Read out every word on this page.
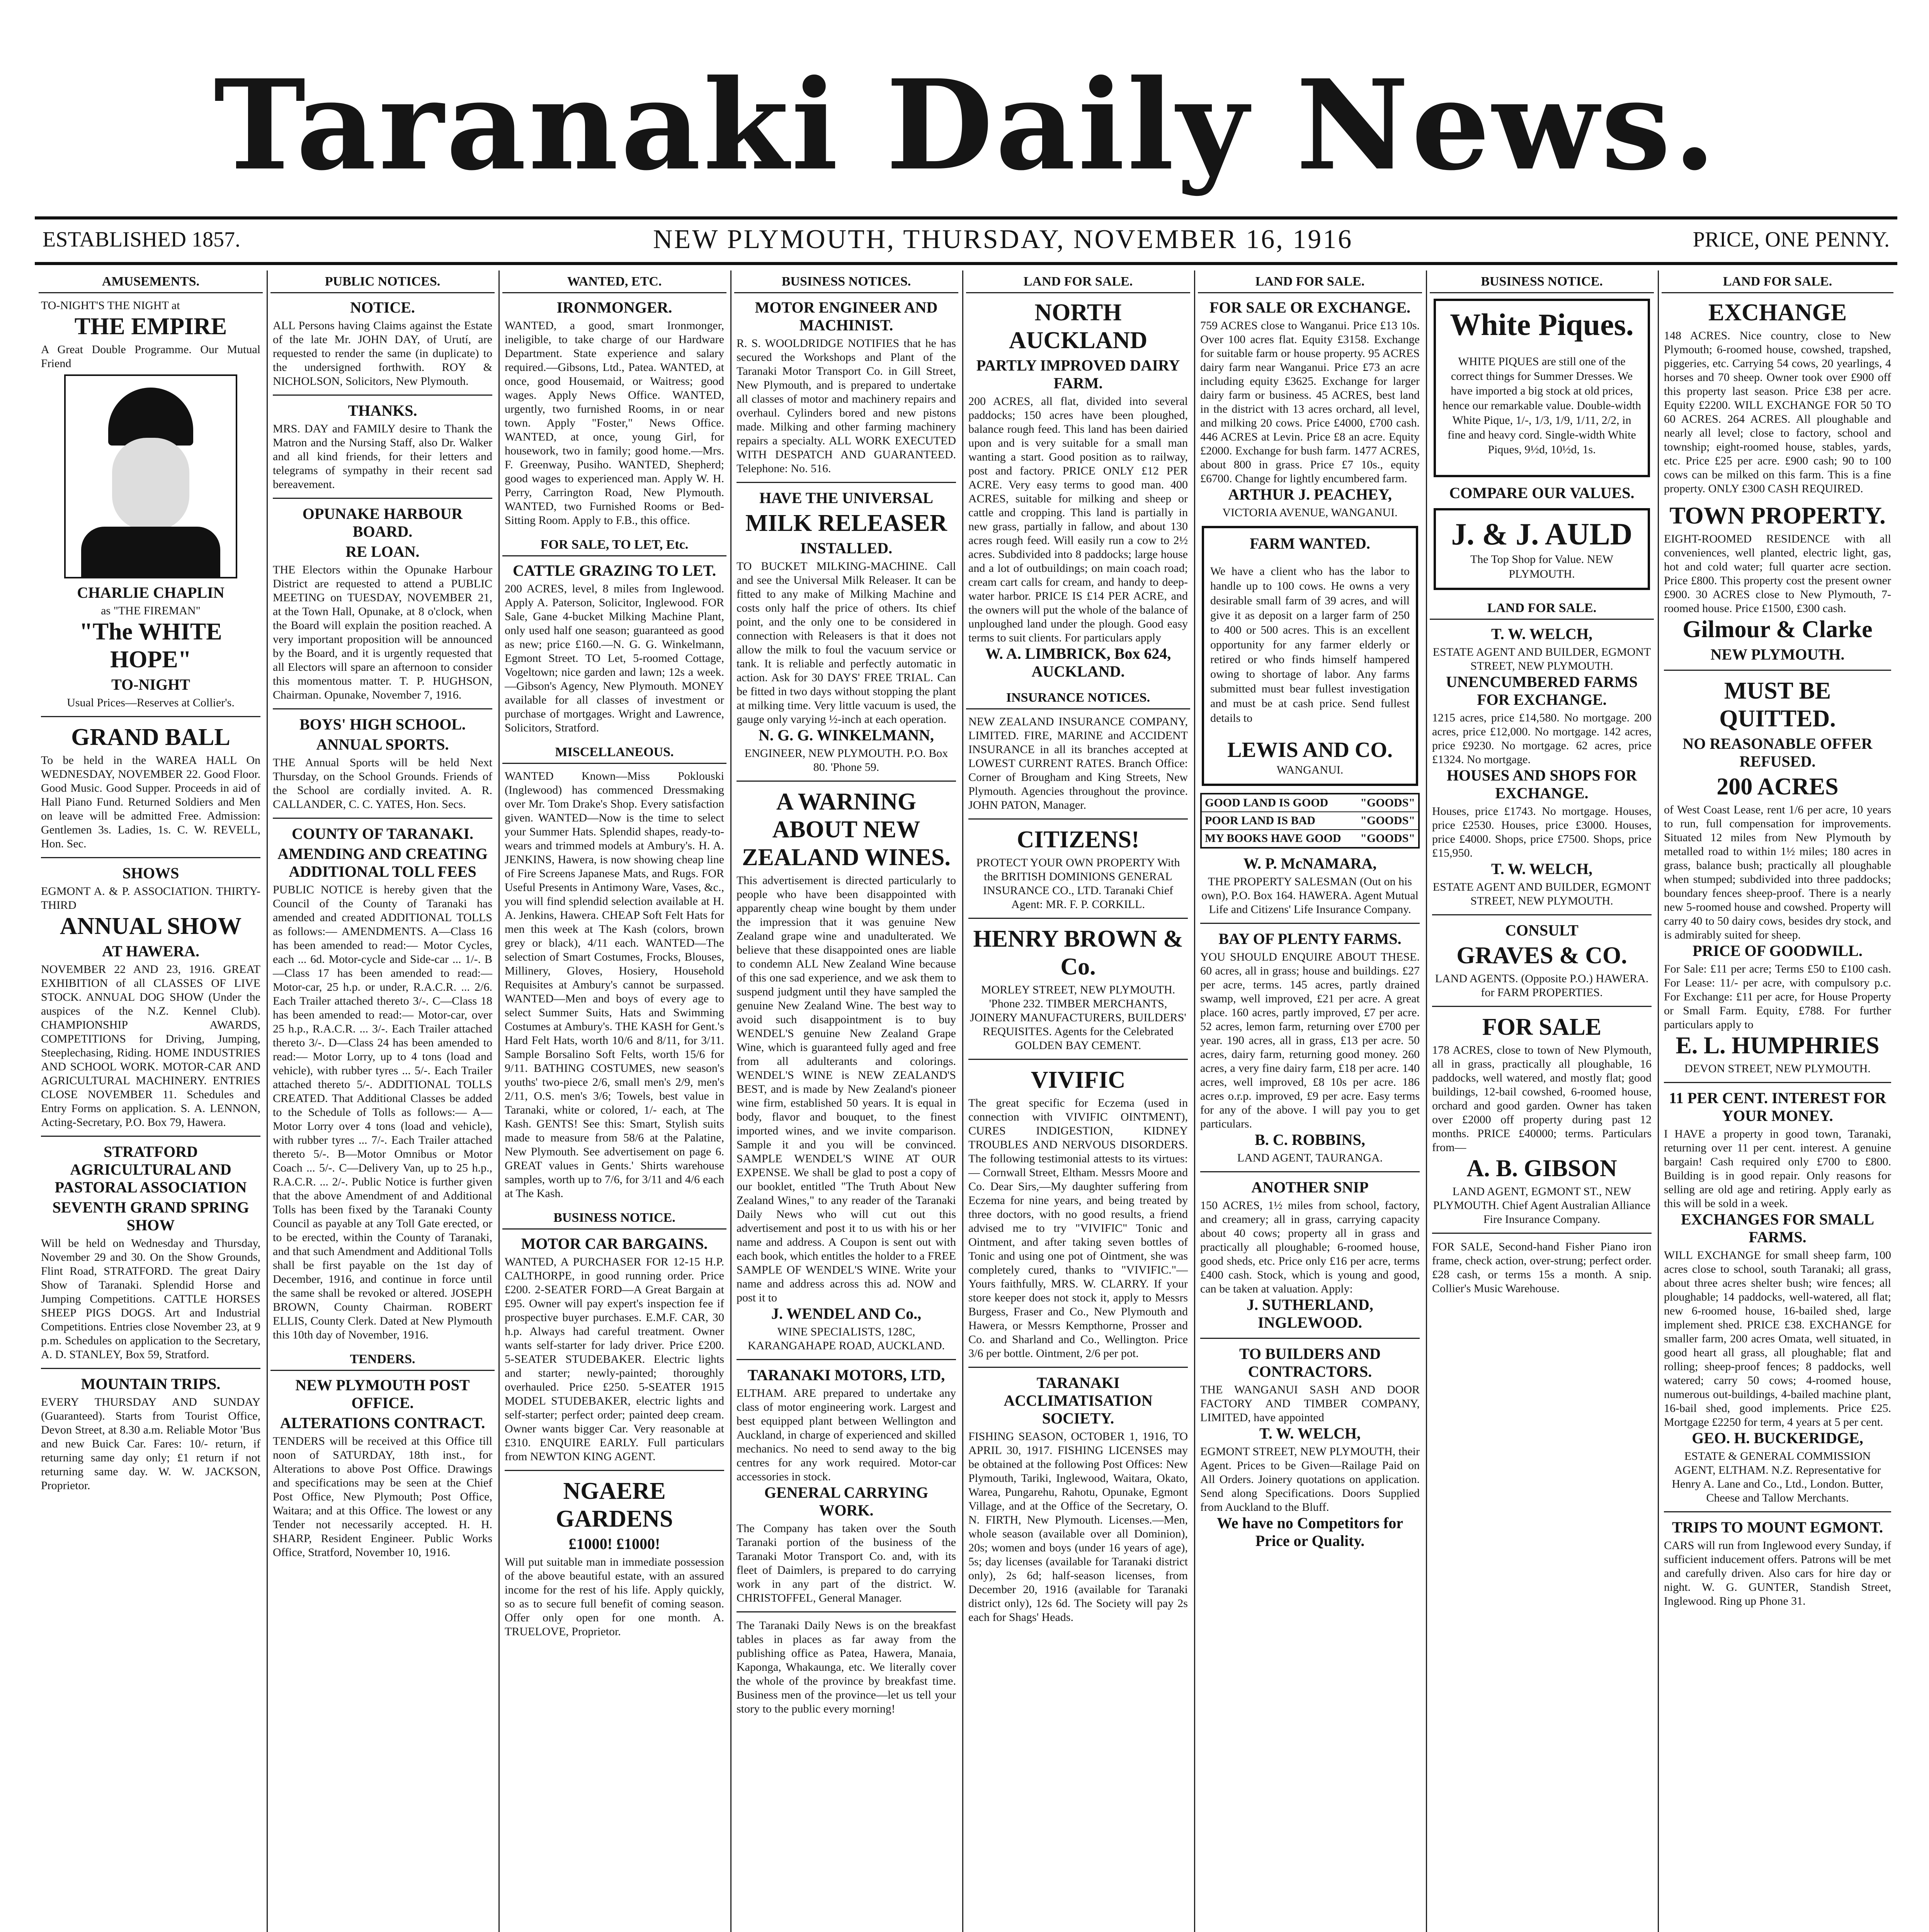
Taranaki Daily News.
ESTABLISHED 1857.	NEW PLYMOUTH, THURSDAY, NOVEMBER 16, 1916	PRICE, ONE PENNY.
AMUSEMENTS.

TO-NIGHT'S THE NIGHT at

THE EMPIRE

A Great Double Programme. Our Mutual Friend

CHARLIE CHAPLIN

as "THE FIREMAN"

"The WHITE HOPE"
TO-NIGHT

Usual Prices—Reserves at Collier's.

GRAND BALL

To be held in the WAREA HALL On WEDNESDAY, NOVEMBER 22. Good Floor. Good Music. Good Supper. Proceeds in aid of Hall Piano Fund. Returned Soldiers and Men on leave will be admitted Free. Admission: Gentlemen 3s. Ladies, 1s. C. W. REVELL, Hon. Sec.

SHOWS

EGMONT A. & P. ASSOCIATION. THIRTY-THIRD

ANNUAL SHOW
AT HAWERA.

NOVEMBER 22 AND 23, 1916. GREAT EXHIBITION of all CLASSES OF LIVE STOCK. ANNUAL DOG SHOW (Under the auspices of the N.Z. Kennel Club). CHAMPIONSHIP AWARDS, COMPETITIONS for Driving, Jumping, Steeplechasing, Riding. HOME INDUSTRIES AND SCHOOL WORK. MOTOR-CAR AND AGRICULTURAL MACHINERY. ENTRIES CLOSE NOVEMBER 11. Schedules and Entry Forms on application. S. A. LENNON, Acting-Secretary, P.O. Box 79, Hawera.

STRATFORD AGRICULTURAL AND PASTORAL ASSOCIATION
SEVENTH GRAND SPRING SHOW

Will be held on Wednesday and Thursday, November 29 and 30. On the Show Grounds, Flint Road, STRATFORD. The great Dairy Show of Taranaki. Splendid Horse and Jumping Competitions. CATTLE HORSES SHEEP PIGS DOGS. Art and Industrial Competitions. Entries close November 23, at 9 p.m. Schedules on application to the Secretary, A. D. STANLEY, Box 59, Stratford.

MOUNTAIN TRIPS.

EVERY THURSDAY AND SUNDAY (Guaranteed). Starts from Tourist Office, Devon Street, at 8.30 a.m. Reliable Motor 'Bus and new Buick Car. Fares: 10/- return, if returning same day only; £1 return if not returning same day. W. W. JACKSON, Proprietor.

PUBLIC NOTICES.
NOTICE.

ALL Persons having Claims against the Estate of the late Mr. JOHN DAY, of Urutí, are requested to render the same (in duplicate) to the undersigned forthwith. ROY & NICHOLSON, Solicitors, New Plymouth.

THANKS.

MRS. DAY and FAMILY desire to Thank the Matron and the Nursing Staff, also Dr. Walker and all kind friends, for their letters and telegrams of sympathy in their recent sad bereavement.

OPUNAKE HARBOUR BOARD.
RE LOAN.

THE Electors within the Opunake Harbour District are requested to attend a PUBLIC MEETING on TUESDAY, NOVEMBER 21, at the Town Hall, Opunake, at 8 o'clock, when the Board will explain the position reached. A very important proposition will be announced by the Board, and it is urgently requested that all Electors will spare an afternoon to consider this momentous matter. T. P. HUGHSON, Chairman. Opunake, November 7, 1916.

BOYS' HIGH SCHOOL.
ANNUAL SPORTS.

THE Annual Sports will be held Next Thursday, on the School Grounds. Friends of the School are cordially invited. A. R. CALLANDER, C. C. YATES, Hon. Secs.

COUNTY OF TARANAKI.
AMENDING AND CREATING ADDITIONAL TOLL FEES

PUBLIC NOTICE is hereby given that the Council of the County of Taranaki has amended and created ADDITIONAL TOLLS as follows:— AMENDMENTS. A—Class 16 has been amended to read:— Motor Cycles, each ... 6d. Motor-cycle and Side-car ... 1/-. B—Class 17 has been amended to read:— Motor-car, 25 h.p. or under, R.A.C.R. ... 2/6. Each Trailer attached thereto 3/-. C—Class 18 has been amended to read:— Motor-car, over 25 h.p., R.A.C.R. ... 3/-. Each Trailer attached thereto 3/-. D—Class 24 has been amended to read:— Motor Lorry, up to 4 tons (load and vehicle), with rubber tyres ... 5/-. Each Trailer attached thereto 5/-. ADDITIONAL TOLLS CREATED. That Additional Classes be added to the Schedule of Tolls as follows:— A—Motor Lorry over 4 tons (load and vehicle), with rubber tyres ... 7/-. Each Trailer attached thereto 5/-. B—Motor Omnibus or Motor Coach ... 5/-. C—Delivery Van, up to 25 h.p., R.A.C.R. ... 2/-. Public Notice is further given that the above Amendment of and Additional Tolls has been fixed by the Taranaki County Council as payable at any Toll Gate erected, or to be erected, within the County of Taranaki, and that such Amendment and Additional Tolls shall be first payable on the 1st day of December, 1916, and continue in force until the same shall be revoked or altered. JOSEPH BROWN, County Chairman. ROBERT ELLIS, County Clerk. Dated at New Plymouth this 10th day of November, 1916.

TENDERS.
NEW PLYMOUTH POST OFFICE.
ALTERATIONS CONTRACT.

TENDERS will be received at this Office till noon of SATURDAY, 18th inst., for Alterations to above Post Office. Drawings and specifications may be seen at the Chief Post Office, New Plymouth; Post Office, Waitara; and at this Office. The lowest or any Tender not necessarily accepted. H. H. SHARP, Resident Engineer. Public Works Office, Stratford, November 10, 1916.

WANTED, ETC.
IRONMONGER.

WANTED, a good, smart Ironmonger, ineligible, to take charge of our Hardware Department. State experience and salary required.—Gibsons, Ltd., Patea. WANTED, at once, good Housemaid, or Waitress; good wages. Apply News Office. WANTED, urgently, two furnished Rooms, in or near town. Apply "Foster," News Office. WANTED, at once, young Girl, for housework, two in family; good home.—Mrs. F. Greenway, Pusiho. WANTED, Shepherd; good wages to experienced man. Apply W. H. Perry, Carrington Road, New Plymouth. WANTED, two Furnished Rooms or Bed-Sitting Room. Apply to F.B., this office.

FOR SALE, TO LET, Etc.
CATTLE GRAZING TO LET.

200 ACRES, level, 8 miles from Inglewood. Apply A. Paterson, Solicitor, Inglewood. FOR Sale, Gane 4-bucket Milking Machine Plant, only used half one season; guaranteed as good as new; price £160.—N. G. G. Winkelmann, Egmont Street. TO Let, 5-roomed Cottage, Vogeltown; nice garden and lawn; 12s a week.—Gibson's Agency, New Plymouth. MONEY available for all classes of investment or purchase of mortgages. Wright and Lawrence, Solicitors, Stratford.

MISCELLANEOUS.

WANTED Known—Miss Poklouski (Inglewood) has commenced Dressmaking over Mr. Tom Drake's Shop. Every satisfaction given. WANTED—Now is the time to select your Summer Hats. Splendid shapes, ready-to-wears and trimmed models at Ambury's. H. A. JENKINS, Hawera, is now showing cheap line of Fire Screens Japanese Mats, and Rugs. FOR Useful Presents in Antimony Ware, Vases, &c., you will find splendid selection available at H. A. Jenkins, Hawera. CHEAP Soft Felt Hats for men this week at The Kash (colors, brown grey or black), 4/11 each. WANTED—The selection of Smart Costumes, Frocks, Blouses, Millinery, Gloves, Hosiery, Household Requisites at Ambury's cannot be surpassed. WANTED—Men and boys of every age to select Summer Suits, Hats and Swimming Costumes at Ambury's. THE KASH for Gent.'s Hard Felt Hats, worth 10/6 and 8/11, for 3/11. Sample Borsalino Soft Felts, worth 15/6 for 9/11. BATHING COSTUMES, new season's youths' two-piece 2/6, small men's 2/9, men's 2/11, O.S. men's 3/6; Towels, best value in Taranaki, white or colored, 1/- each, at The Kash. GENTS! See this: Smart, Stylish suits made to measure from 58/6 at the Palatine, New Plymouth. See advertisement on page 6. GREAT values in Gents.' Shirts warehouse samples, worth up to 7/6, for 3/11 and 4/6 each at The Kash.

BUSINESS NOTICE.
MOTOR CAR BARGAINS.

WANTED, A PURCHASER FOR 12-15 H.P. CALTHORPE, in good running order. Price £200. 2-SEATER FORD—A Great Bargain at £95. Owner will pay expert's inspection fee if prospective buyer purchases. E.M.F. CAR, 30 h.p. Always had careful treatment. Owner wants self-starter for lady driver. Price £200. 5-SEATER STUDEBAKER. Electric lights and starter; newly-painted; thoroughly overhauled. Price £250. 5-SEATER 1915 MODEL STUDEBAKER, electric lights and self-starter; perfect order; painted deep cream. Owner wants bigger Car. Very reasonable at £310. ENQUIRE EARLY. Full particulars from NEWTON KING AGENT.

NGAERE GARDENS
£1000! £1000!

Will put suitable man in immediate possession of the above beautiful estate, with an assured income for the rest of his life. Apply quickly, so as to secure full benefit of coming season. Offer only open for one month. A. TRUELOVE, Proprietor.

BUSINESS NOTICES.
MOTOR ENGINEER AND MACHINIST.

R. S. WOOLDRIDGE NOTIFIES that he has secured the Workshops and Plant of the Taranaki Motor Transport Co. in Gill Street, New Plymouth, and is prepared to undertake all classes of motor and machinery repairs and overhaul. Cylinders bored and new pistons made. Milking and other farming machinery repairs a specialty. ALL WORK EXECUTED WITH DESPATCH AND GUARANTEED. Telephone: No. 516.

HAVE THE UNIVERSAL
MILK RELEASER
INSTALLED.

TO BUCKET MILKING-MACHINE. Call and see the Universal Milk Releaser. It can be fitted to any make of Milking Machine and costs only half the price of others. Its chief point, and the only one to be considered in connection with Releasers is that it does not allow the milk to foul the vacuum service or tank. It is reliable and perfectly automatic in action. Ask for 30 DAYS' FREE TRIAL. Can be fitted in two days without stopping the plant at milking time. Very little vacuum is used, the gauge only varying ½-inch at each operation.

N. G. G. WINKELMANN,

ENGINEER, NEW PLYMOUTH. P.O. Box 80. 'Phone 59.

A WARNING ABOUT NEW ZEALAND WINES.

This advertisement is directed particularly to people who have been disappointed with apparently cheap wine bought by them under the impression that it was genuine New Zealand grape wine and unadulterated. We believe that these disappointed ones are liable to condemn ALL New Zealand Wine because of this one sad experience, and we ask them to suspend judgment until they have sampled the genuine New Zealand Wine. The best way to avoid such disappointment is to buy WENDEL'S genuine New Zealand Grape Wine, which is guaranteed fully aged and free from all adulterants and colorings. WENDEL'S WINE is NEW ZEALAND'S BEST, and is made by New Zealand's pioneer wine firm, established 50 years. It is equal in body, flavor and bouquet, to the finest imported wines, and we invite comparison. Sample it and you will be convinced. SAMPLE WENDEL'S WINE AT OUR EXPENSE. We shall be glad to post a copy of our booklet, entitled "The Truth About New Zealand Wines," to any reader of the Taranaki Daily News who will cut out this advertisement and post it to us with his or her name and address. A Coupon is sent out with each book, which entitles the holder to a FREE SAMPLE OF WENDEL'S WINE. Write your name and address across this ad. NOW and post it to

J. WENDEL AND Co.,

WINE SPECIALISTS, 128C, KARANGAHAPE ROAD, AUCKLAND.

TARANAKI MOTORS, LTD,

ELTHAM. ARE prepared to undertake any class of motor engineering work. Largest and best equipped plant between Wellington and Auckland, in charge of experienced and skilled mechanics. No need to send away to the big centres for any work required. Motor-car accessories in stock.

GENERAL CARRYING WORK.

The Company has taken over the South Taranaki portion of the business of the Taranaki Motor Transport Co. and, with its fleet of Daimlers, is prepared to do carrying work in any part of the district. W. CHRISTOFFEL, General Manager.

The Taranaki Daily News is on the breakfast tables in places as far away from the publishing office as Patea, Hawera, Manaia, Kaponga, Whakaunga, etc. We literally cover the whole of the province by breakfast time. Business men of the province—let us tell your story to the public every morning!

LAND FOR SALE.
NORTH AUCKLAND
PARTLY IMPROVED DAIRY FARM.

200 ACRES, all flat, divided into several paddocks; 150 acres have been ploughed, balance rough feed. This land has been dairied upon and is very suitable for a small man wanting a start. Good position as to railway, post and factory. PRICE ONLY £12 PER ACRE. Very easy terms to good man. 400 ACRES, suitable for milking and sheep or cattle and cropping. This land is partially in new grass, partially in fallow, and about 130 acres rough feed. Will easily run a cow to 2½ acres. Subdivided into 8 paddocks; large house and a lot of outbuildings; on main coach road; cream cart calls for cream, and handy to deep-water harbor. PRICE IS £14 PER ACRE, and the owners will put the whole of the balance of unploughed land under the plough. Good easy terms to suit clients. For particulars apply

W. A. LIMBRICK, Box 624, AUCKLAND.
INSURANCE NOTICES.

NEW ZEALAND INSURANCE COMPANY, LIMITED. FIRE, MARINE and ACCIDENT INSURANCE in all its branches accepted at LOWEST CURRENT RATES. Branch Office: Corner of Brougham and King Streets, New Plymouth. Agencies throughout the province. JOHN PATON, Manager.

CITIZENS!

PROTECT YOUR OWN PROPERTY With the BRITISH DOMINIONS GENERAL INSURANCE CO., LTD. Taranaki Chief Agent: MR. F. P. CORKILL.

HENRY BROWN & Co.

MORLEY STREET, NEW PLYMOUTH. 'Phone 232. TIMBER MERCHANTS, JOINERY MANUFACTURERS, BUILDERS' REQUISITES. Agents for the Celebrated GOLDEN BAY CEMENT.

VIVIFIC

The great specific for Eczema (used in connection with VIVIFIC OINTMENT), CURES INDIGESTION, KIDNEY TROUBLES AND NERVOUS DISORDERS. The following testimonial attests to its virtues:— Cornwall Street, Eltham. Messrs Moore and Co. Dear Sirs,—My daughter suffering from Eczema for nine years, and being treated by three doctors, with no good results, a friend advised me to try "VIVIFIC" Tonic and Ointment, and after taking seven bottles of Tonic and using one pot of Ointment, she was completely cured, thanks to "VIVIFIC."—Yours faithfully, MRS. W. CLARRY. If your store keeper does not stock it, apply to Messrs Burgess, Fraser and Co., New Plymouth and Hawera, or Messrs Kempthorne, Prosser and Co. and Sharland and Co., Wellington. Price 3/6 per bottle. Ointment, 2/6 per pot.

TARANAKI ACCLIMATISATION SOCIETY.

FISHING SEASON, OCTOBER 1, 1916, TO APRIL 30, 1917. FISHING LICENSES may be obtained at the following Post Offices: New Plymouth, Tariki, Inglewood, Waitara, Okato, Warea, Pungarehu, Rahotu, Opunake, Egmont Village, and at the Office of the Secretary, O. N. FIRTH, New Plymouth. Licenses.—Men, whole season (available over all Dominion), 20s; women and boys (under 16 years of age), 5s; day licenses (available for Taranaki district only), 2s 6d; half-season licenses, from December 20, 1916 (available for Taranaki district only), 12s 6d. The Society will pay 2s each for Shags' Heads.

LAND FOR SALE.
FOR SALE OR EXCHANGE.

759 ACRES close to Wanganui. Price £13 10s. Over 100 acres flat. Equity £3158. Exchange for suitable farm or house property. 95 ACRES dairy farm near Wanganui. Price £73 an acre including equity £3625. Exchange for larger dairy farm or business. 45 ACRES, best land in the district with 13 acres orchard, all level, and milking 20 cows. Price £4000, £700 cash. 446 ACRES at Levin. Price £8 an acre. Equity £2000. Exchange for bush farm. 1477 ACRES, about 800 in grass. Price £7 10s., equity £6700. Change for lightly encumbered farm.

ARTHUR J. PEACHEY,

VICTORIA AVENUE, WANGANUI.

FARM WANTED.

We have a client who has the labor to handle up to 100 cows. He owns a very desirable small farm of 39 acres, and will give it as deposit on a larger farm of 250 to 400 or 500 acres. This is an excellent opportunity for any farmer elderly or retired or who finds himself hampered owing to shortage of labor. Any farms submitted must bear fullest investigation and must be at cash price. Send fullest details to

LEWIS AND CO.
WANGANUI.
GOOD LAND IS GOOD	"GOODS"
POOR LAND IS BAD	"GOODS"
MY BOOKS HAVE GOOD "GOODS"
W. P. McNAMARA,

THE PROPERTY SALESMAN (Out on his own), P.O. Box 164. HAWERA. Agent Mutual Life and Citizens' Life Insurance Company.

BAY OF PLENTY FARMS.

YOU SHOULD ENQUIRE ABOUT THESE. 60 acres, all in grass; house and buildings. £27 per acre, terms. 145 acres, partly drained swamp, well improved, £21 per acre. A great place. 160 acres, partly improved, £7 per acre. 52 acres, lemon farm, returning over £700 per year. 190 acres, all in grass, £13 per acre. 50 acres, dairy farm, returning good money. 260 acres, a very fine dairy farm, £18 per acre. 140 acres, well improved, £8 10s per acre. 186 acres o.r.p. improved, £9 per acre. Easy terms for any of the above. I will pay you to get particulars.

B. C. ROBBINS,

LAND AGENT, TAURANGA.

ANOTHER SNIP

150 ACRES, 1½ miles from school, factory, and creamery; all in grass, carrying capacity about 40 cows; property all in grass and practically all ploughable; 6-roomed house, good sheds, etc. Price only £16 per acre, terms £400 cash. Stock, which is young and good, can be taken at valuation. Apply:

J. SUTHERLAND, INGLEWOOD.
TO BUILDERS AND CONTRACTORS.

THE WANGANUI SASH AND DOOR FACTORY AND TIMBER COMPANY, LIMITED, have appointed

T. W. WELCH,

EGMONT STREET, NEW PLYMOUTH, their Agent. Prices to be Given—Railage Paid on All Orders. Joinery quotations on application. Send along Specifications. Doors Supplied from Auckland to the Bluff.

We have no Competitors for Price or Quality.
BUSINESS NOTICE.
White Piques.

WHITE PIQUES are still one of the correct things for Summer Dresses. We have imported a big stock at old prices, hence our remarkable value. Double-width White Pique, 1/-, 1/3, 1/9, 1/11, 2/2, in fine and heavy cord. Single-width White Piques, 9½d, 10½d, 1s.

COMPARE OUR VALUES.
J. & J. AULD
The Top Shop for Value. NEW PLYMOUTH.
LAND FOR SALE.
T. W. WELCH,

ESTATE AGENT AND BUILDER, EGMONT STREET, NEW PLYMOUTH.

UNENCUMBERED FARMS FOR EXCHANGE.

1215 acres, price £14,580. No mortgage. 200 acres, price £12,000. No mortgage. 142 acres, price £9230. No mortgage. 62 acres, price £1324. No mortgage.

HOUSES AND SHOPS FOR EXCHANGE.

Houses, price £1743. No mortgage. Houses, price £2530. Houses, price £3000. Houses, price £4000. Shops, price £7500. Shops, price £15,950.

T. W. WELCH,

ESTATE AGENT AND BUILDER, EGMONT STREET, NEW PLYMOUTH.

CONSULT
GRAVES & CO.

LAND AGENTS. (Opposite P.O.) HAWERA. for FARM PROPERTIES.

FOR SALE

178 ACRES, close to town of New Plymouth, all in grass, practically all ploughable, 16 paddocks, well watered, and mostly flat; good buildings, 12-bail cowshed, 6-roomed house, orchard and good garden. Owner has taken over £2000 off property during past 12 months. PRICE £40000; terms. Particulars from—

A. B. GIBSON

LAND AGENT, EGMONT ST., NEW PLYMOUTH. Chief Agent Australian Alliance Fire Insurance Company.

FOR SALE, Second-hand Fisher Piano iron frame, check action, over-strung; perfect order. £28 cash, or terms 15s a month. A snip. Collier's Music Warehouse.

LAND FOR SALE.
EXCHANGE

148 ACRES. Nice country, close to New Plymouth; 6-roomed house, cowshed, trapshed, piggeries, etc. Carrying 54 cows, 20 yearlings, 4 horses and 70 sheep. Owner took over £900 off this property last season. Price £38 per acre. Equity £2200. WILL EXCHANGE FOR 50 TO 60 ACRES. 264 ACRES. All ploughable and nearly all level; close to factory, school and township; eight-roomed house, stables, yards, etc. Price £25 per acre. £900 cash; 90 to 100 cows can be milked on this farm. This is a fine property. ONLY £300 CASH REQUIRED.

TOWN PROPERTY.

EIGHT-ROOMED RESIDENCE with all conveniences, well planted, electric light, gas, hot and cold water; full quarter acre section. Price £800. This property cost the present owner £900. 30 ACRES close to New Plymouth, 7-roomed house. Price £1500, £300 cash.

Gilmour & Clarke
NEW PLYMOUTH.
MUST BE QUITTED.
NO REASONABLE OFFER REFUSED.
200 ACRES

of West Coast Lease, rent 1/6 per acre, 10 years to run, full compensation for improvements. Situated 12 miles from New Plymouth by metalled road to within 1½ miles; 180 acres in grass, balance bush; practically all ploughable when stumped; subdivided into three paddocks; boundary fences sheep-proof. There is a nearly new 5-roomed house and cowshed. Property will carry 40 to 50 dairy cows, besides dry stock, and is admirably suited for sheep.

PRICE OF GOODWILL.

For Sale: £11 per acre; Terms £50 to £100 cash. For Lease: 11/- per acre, with compulsory p.c. For Exchange: £11 per acre, for House Property or Small Farm. Equity, £788. For further particulars apply to

E. L. HUMPHRIES

DEVON STREET, NEW PLYMOUTH.

11 PER CENT. INTEREST FOR YOUR MONEY.

I HAVE a property in good town, Taranaki, returning over 11 per cent. interest. A genuine bargain! Cash required only £700 to £800. Building is in good repair. Only reasons for selling are old age and retiring. Apply early as this will be sold in a week.

EXCHANGES FOR SMALL FARMS.

WILL EXCHANGE for small sheep farm, 100 acres close to school, south Taranaki; all grass, about three acres shelter bush; wire fences; all ploughable; 14 paddocks, well-watered, all flat; new 6-roomed house, 16-bailed shed, large implement shed. PRICE £38. EXCHANGE for smaller farm, 200 acres Omata, well situated, in good heart all grass, all ploughable; flat and rolling; sheep-proof fences; 8 paddocks, well watered; carry 50 cows; 4-roomed house, numerous out-buildings, 4-bailed machine plant, 16-bail shed, good implements. Price £25. Mortgage £2250 for term, 4 years at 5 per cent.

GEO. H. BUCKERIDGE,

ESTATE & GENERAL COMMISSION AGENT, ELTHAM. N.Z. Representative for Henry A. Lane and Co., Ltd., London. Butter, Cheese and Tallow Merchants.

TRIPS TO MOUNT EGMONT.

CARS will run from Inglewood every Sunday, if sufficient inducement offers. Patrons will be met and carefully driven. Also cars for hire day or night. W. G. GUNTER, Standish Street, Inglewood. Ring up Phone 31.
